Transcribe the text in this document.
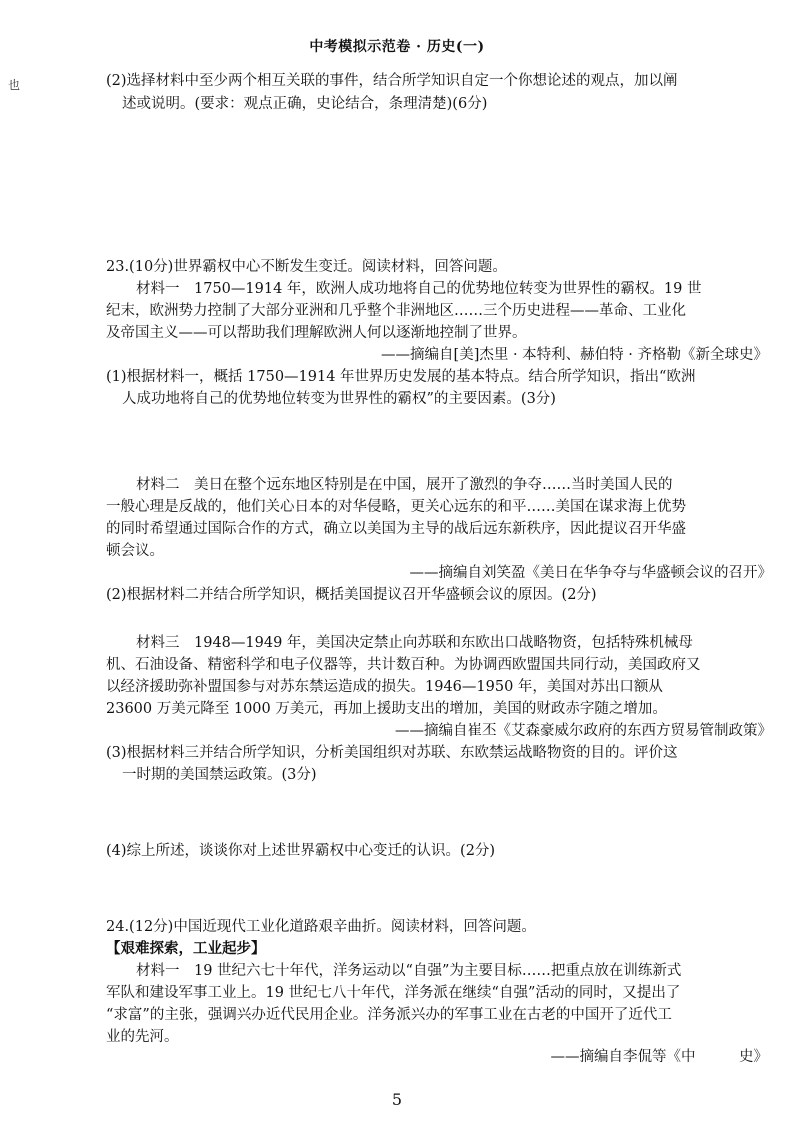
中考模拟示范卷 · 历史(一)
也	(2)选择材料中至少两个相互关联的事件，结合所学知识自定一个你想论述的观点，加以阐
述或说明。(要求：观点正确，史论结合，条理清楚)(6分)
23.(10分)世界霸权中心不断发生变迁。阅读材料，回答问题。
材料一　1750—1914 年，欧洲人成功地将自己的优势地位转变为世界性的霸权。19 世
纪末，欧洲势力控制了大部分亚洲和几乎整个非洲地区……三个历史进程——革命、工业化
及帝国主义——可以帮助我们理解欧洲人何以逐渐地控制了世界。
——摘编自[美]杰里 · 本特利、赫伯特 · 齐格勒《新全球史》
(1)根据材料一，概括 1750—1914 年世界历史发展的基本特点。结合所学知识，指出“欧洲
人成功地将自己的优势地位转变为世界性的霸权”的主要因素。(3分)
材料二　美日在整个远东地区特别是在中国，展开了激烈的争夺……当时美国人民的
一般心理是反战的，他们关心日本的对华侵略，更关心远东的和平……美国在谋求海上优势
的同时希望通过国际合作的方式，确立以美国为主导的战后远东新秩序，因此提议召开华盛
顿会议。
——摘编自刘笑盈《美日在华争夺与华盛顿会议的召开》
(2)根据材料二并结合所学知识，概括美国提议召开华盛顿会议的原因。(2分)
材料三　1948—1949 年，美国决定禁止向苏联和东欧出口战略物资，包括特殊机械母
机、石油设备、精密科学和电子仪器等，共计数百种。为协调西欧盟国共同行动，美国政府又
以经济援助弥补盟国参与对苏东禁运造成的损失。1946—1950 年，美国对苏出口额从
23600 万美元降至 1000 万美元，再加上援助支出的增加，美国的财政赤字随之增加。
——摘编自崔丕《艾森豪威尔政府的东西方贸易管制政策》
(3)根据材料三并结合所学知识，分析美国组织对苏联、东欧禁运战略物资的目的。评价这
一时期的美国禁运政策。(3分)
(4)综上所述，谈谈你对上述世界霸权中心变迁的认识。(2分)
24.(12分)中国近现代工业化道路艰辛曲折。阅读材料，回答问题。
【艰难探索，工业起步】
材料一　19 世纪六七十年代，洋务运动以“自强”为主要目标……把重点放在训练新式
军队和建设军事工业上。19 世纪七八十年代，洋务派在继续“自强”活动的同时，又提出了
“求富”的主张，强调兴办近代民用企业。洋务派兴办的军事工业在古老的中国开了近代工
业的先河。
——摘编自李侃等《中　　　史》
5
